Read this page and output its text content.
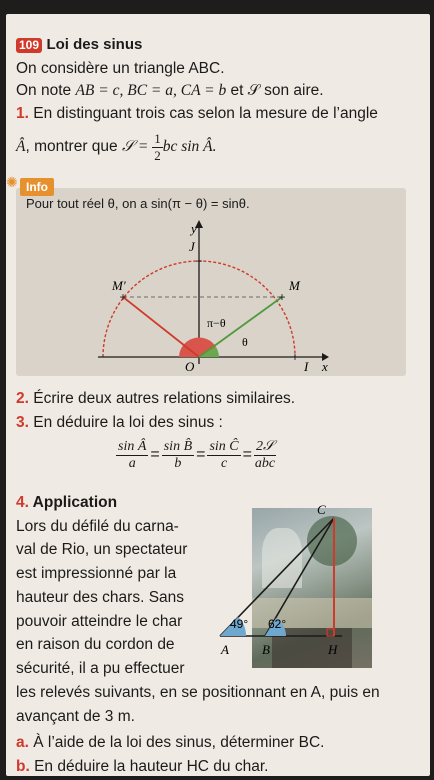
109 Loi des sinus
On considère un triangle ABC.
On note AB = c, BC = a, CA = b et 𝒮 son aire.
1. En distinguant trois cas selon la mesure de l’angle
Â, montrer que 𝒮 = $\frac{1}{2}$ bc sin Â.
✺ Info
Pour tout réel θ, on a sin(π − θ) = sinθ.
+	+
+
+
y
J
M′	M
π−θ
θ
O	I x
2. Écrire deux autres relations similaires.
3. En déduire la loi des sinus :
$\frac{\text{sin Â}}{a} = \frac{\text{sin B̂}}{b} = \frac{\text{sin Ĉ}}{c} = \frac{\text{2𝒮}}{\text{abc}}$
4. Application
Lors du défilé du carna-
val de Rio, un spectateur
est impressionné par la
hauteur des chars. Sans
pouvoir atteindre le char
en raison du cordon de
sécurité, il a pu effectuer
les relevés suivants, en se positionnant en A, puis en
avançant de 3 m.
49° 62°
A	B	H
C
a. À l’aide de la loi des sinus, déterminer BC.
b. En déduire la hauteur HC du char.
